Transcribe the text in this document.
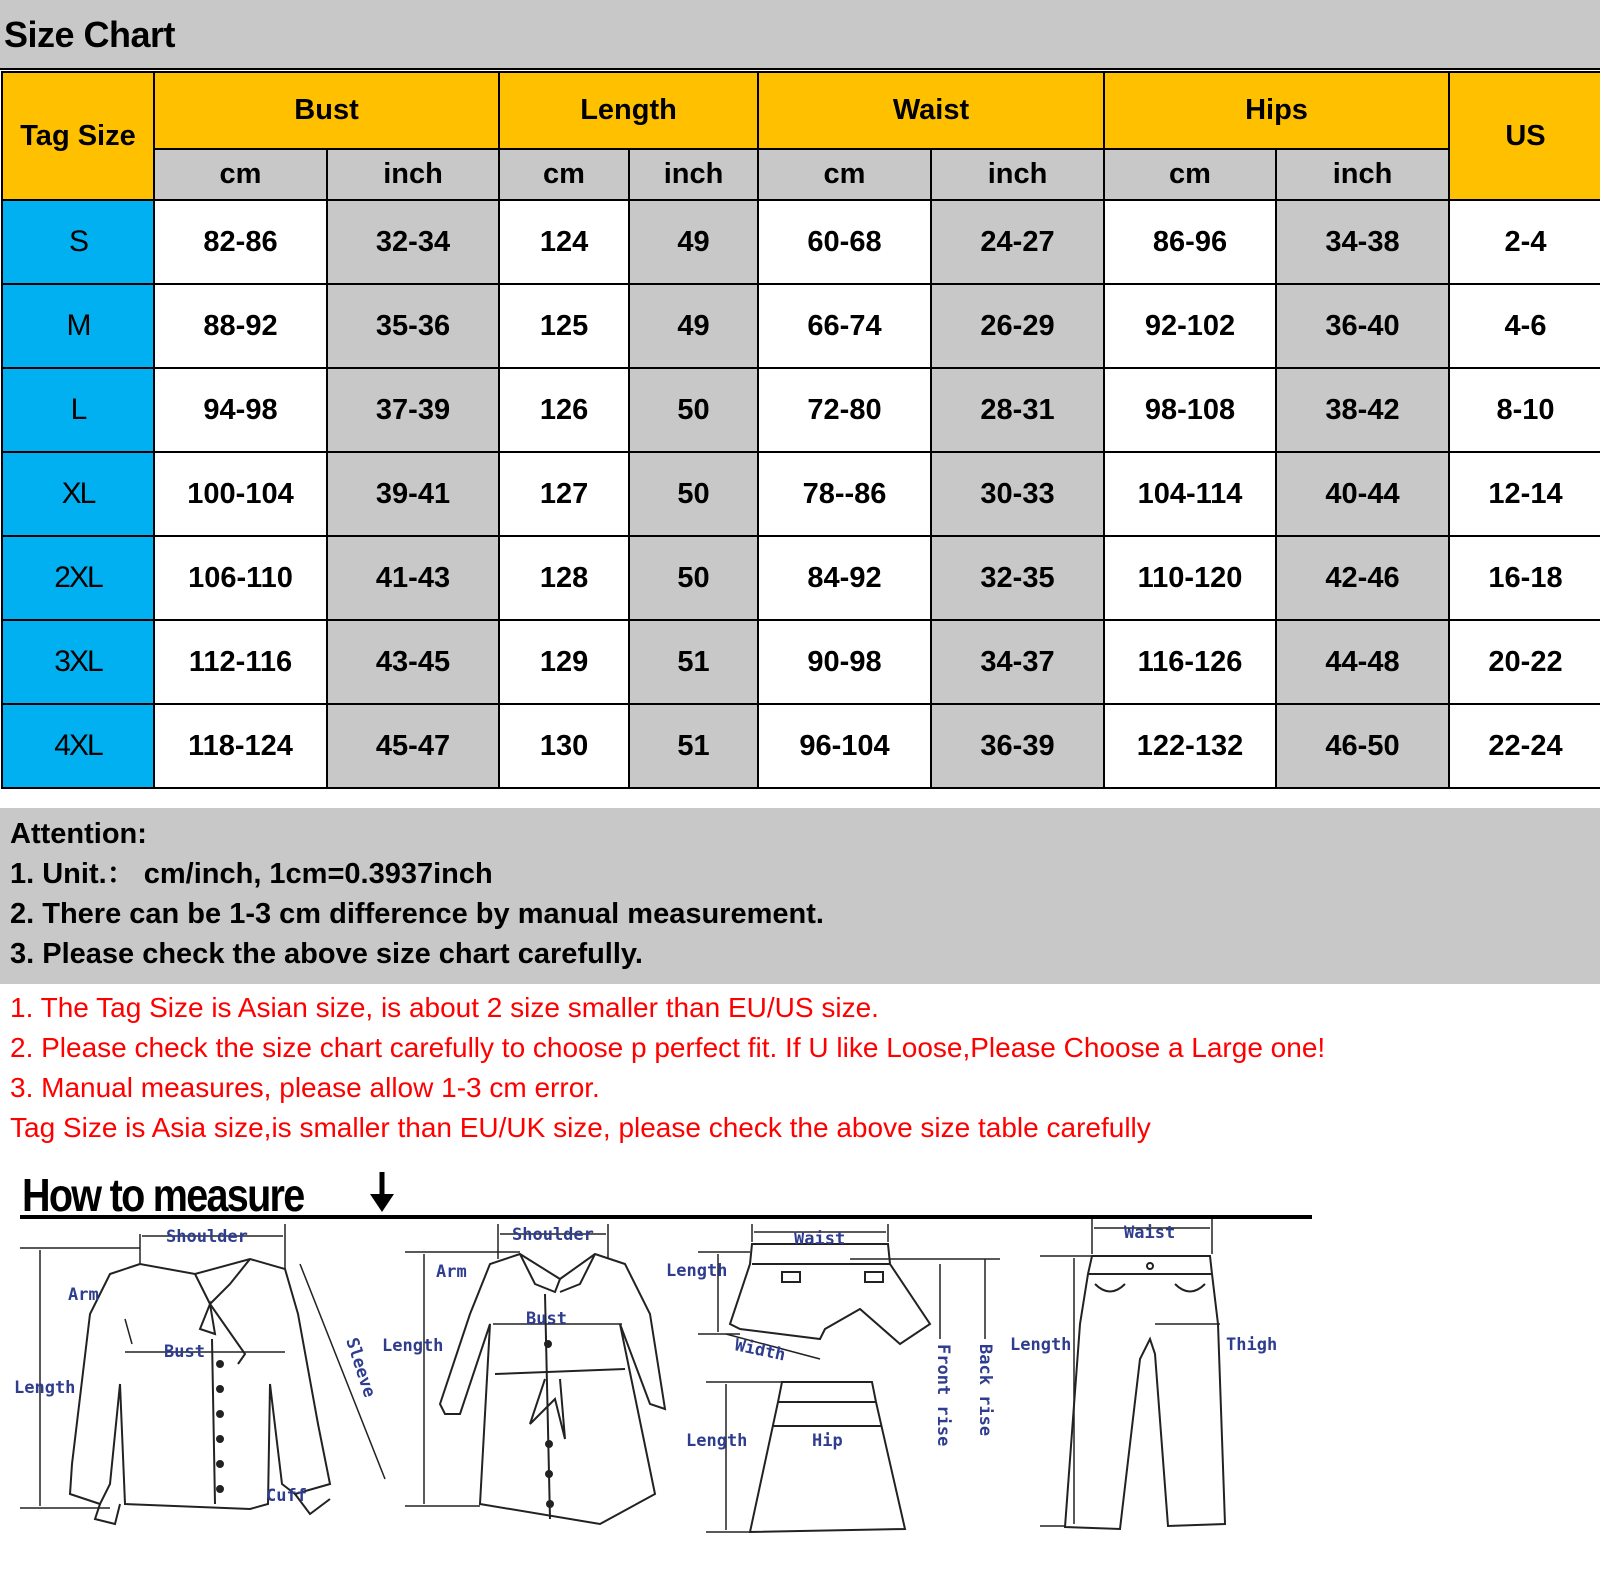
Size Chart
Tag Size	Bust		Length		Waist		Hips		US
	cm	inch	cm	inch	cm	inch	cm	inch	
S	82-86	32-34	124	49	60-68	24-27	86-96	34-38	2-4
M	88-92	35-36	125	49	66-74	26-29	92-102	36-40	4-6
L	94-98	37-39	126	50	72-80	28-31	98-108	38-42	8-10
XL	100-104	39-41	127	50	78--86	30-33	104-114	40-44	12-14
2XL	106-110	41-43	128	50	84-92	32-35	110-120	42-46	16-18
3XL	112-116	43-45	129	51	90-98	34-37	116-126	44-48	20-22
4XL	118-124	45-47	130	51	96-104	36-39	122-132	46-50	22-24
Attention:
1. Unit.： cm/inch, 1cm=0.3937inch
2. There can be 1-3 cm difference by manual measurement.
3. Please check the above size chart carefully.
1. The Tag Size is Asian size, is about 2 size smaller than EU/US size.
2. Please check the size chart carefully to choose p perfect fit. If U like Loose,Please Choose a Large one!
3. Manual measures, please allow 1-3 cm error.
Tag Size is Asia size,is smaller than EU/UK size, please check the above size table carefully
Shoulder
Arm
Bust
Length	Sleeve
Cuff
Shoulder
Arm
Bust
Length
Waist
Length
Width	Front rise Back rise
Length	Hip
Waist
Length	Thigh
How to measure
